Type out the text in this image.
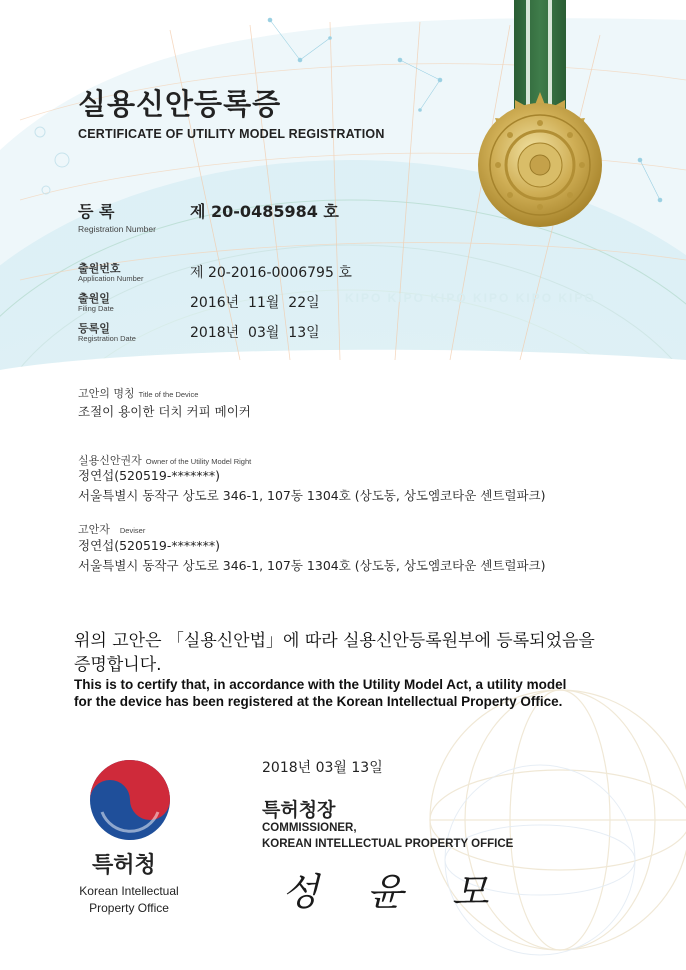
KIPO KIPO KIPO KIPO KIPO KIPO
성 윤 모
실용신안등록증
CERTIFICATE OF UTILITY MODEL REGISTRATION
등 록
Registration Number
제 20-0485984 호
출원번호
Application Number	제 20-2016-0006795 호
출원일
Filing Date	2016년  11월  22일
등록일
Registration Date	2018년  03월  13일
고안의 명칭 Title of the Device
조절이 용이한 더치 커피 메이커
실용신안권자 Owner of the Utility Model Right
정연섭(520519-*******)
서울특별시 동작구 상도로 346-1, 107동 1304호 (상도동, 상도엠코타운 센트럴파크)
고안자 Deviser
정연섭(520519-*******)
서울특별시 동작구 상도로 346-1, 107동 1304호 (상도동, 상도엠코타운 센트럴파크)
위의 고안은 「실용신안법」에 따라 실용신안등록원부에 등록되었음을
증명합니다.
This is to certify that, in accordance with the Utility Model Act, a utility model
for the device has been registered at the Korean Intellectual Property Office.
2018년 03월 13일
특허청장
COMMISSIONER,
KOREAN INTELLECTUAL PROPERTY OFFICE
특허청
Korean Intellectual
Property Office
